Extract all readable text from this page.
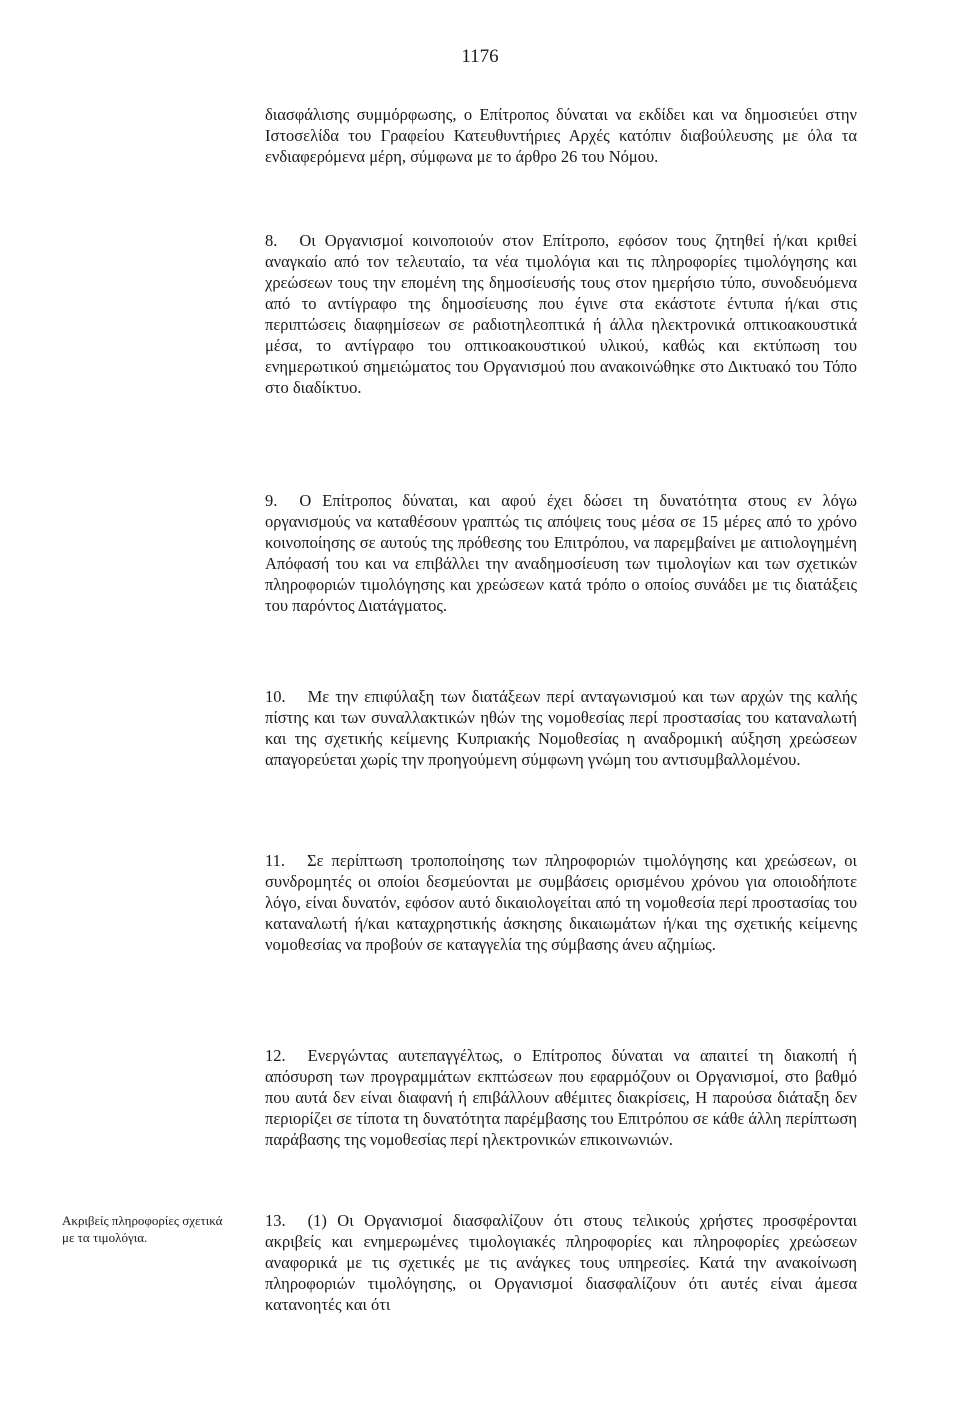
1176

διασφάλισης συμμόρφωσης, ο Επίτροπος δύναται να εκδίδει και να δημοσιεύει στην Ιστοσελίδα του Γραφείου Κατευθυντήριες Αρχές κατόπιν διαβούλευσης με όλα τα ενδιαφερόμενα μέρη, σύμφωνα με το άρθρο 26 του Νόμου.

8. Οι Οργανισμοί κοινοποιούν στον Επίτροπο, εφόσον τους ζητηθεί ή/και κριθεί αναγκαίο από τον τελευταίο, τα νέα τιμολόγια και τις πληροφορίες τιμολόγησης και χρεώσεων τους την επομένη της δημοσίευσής τους στον ημερήσιο τύπο, συνοδευόμενα από το αντίγραφο της δημοσίευσης που έγινε στα εκάστοτε έντυπα ή/και στις περιπτώσεις διαφημίσεων σε ραδιοτηλεοπτικά ή άλλα ηλεκτρονικά οπτικοακουστικά μέσα, το αντίγραφο του οπτικοακουστικού υλικού, καθώς και εκτύπωση του ενημερωτικού σημειώματος του Οργανισμού που ανακοινώθηκε στο Δικτυακό του Τόπο στο διαδίκτυο.

9. Ο Επίτροπος δύναται, και αφού έχει δώσει τη δυνατότητα στους εν λόγω οργανισμούς να καταθέσουν γραπτώς τις απόψεις τους μέσα σε 15 μέρες από το χρόνο κοινοποίησης σε αυτούς της πρόθεσης του Επιτρόπου, να παρεμβαίνει με αιτιολογημένη Απόφασή του και να επιβάλλει την αναδημοσίευση των τιμολογίων και των σχετικών πληροφοριών τιμολόγησης και χρεώσεων κατά τρόπο ο οποίος συνάδει με τις διατάξεις του παρόντος Διατάγματος.

10. Με την επιφύλαξη των διατάξεων περί ανταγωνισμού και των αρχών της καλής πίστης και των συναλλακτικών ηθών της νομοθεσίας περί προστασίας του καταναλωτή και της σχετικής κείμενης Κυπριακής Νομοθεσίας η αναδρομική αύξηση χρεώσεων απαγορεύεται χωρίς την προηγούμενη σύμφωνη γνώμη του αντισυμβαλλομένου.

11. Σε περίπτωση τροποποίησης των πληροφοριών τιμολόγησης και χρεώσεων, οι συνδρομητές οι οποίοι δεσμεύονται με συμβάσεις ορισμένου χρόνου για οποιοδήποτε λόγο, είναι δυνατόν, εφόσον αυτό δικαιολογείται από τη νομοθεσία περί προστασίας του καταναλωτή ή/και καταχρηστικής άσκησης δικαιωμάτων ή/και της σχετικής κείμενης νομοθεσίας να προβούν σε καταγγελία της σύμβασης άνευ αζημίως.

12. Ενεργώντας αυτεπαγγέλτως, ο Επίτροπος δύναται να απαιτεί τη διακοπή ή απόσυρση των προγραμμάτων εκπτώσεων που εφαρμόζουν οι Οργανισμοί, στο βαθμό που αυτά δεν είναι διαφανή ή επιβάλλουν αθέμιτες διακρίσεις, Η παρούσα διάταξη δεν περιορίζει σε τίποτα τη δυνατότητα παρέμβασης του Επιτρόπου σε κάθε άλλη περίπτωση παράβασης της νομοθεσίας περί ηλεκτρονικών επικοινωνιών.

13. (1) Οι Οργανισμοί διασφαλίζουν ότι στους τελικούς χρήστες προσφέρονται ακριβείς και ενημερωμένες τιμολογιακές πληροφορίες και πληροφορίες χρεώσεων αναφορικά με τις σχετικές με τις ανάγκες τους υπηρεσίες. Κατά την ανακοίνωση πληροφοριών τιμολόγησης, οι Οργανισμοί διασφαλίζουν ότι αυτές είναι άμεσα κατανοητές και ότι

Ακριβείς πληροφορίες σχετικά με τα τιμολόγια.
